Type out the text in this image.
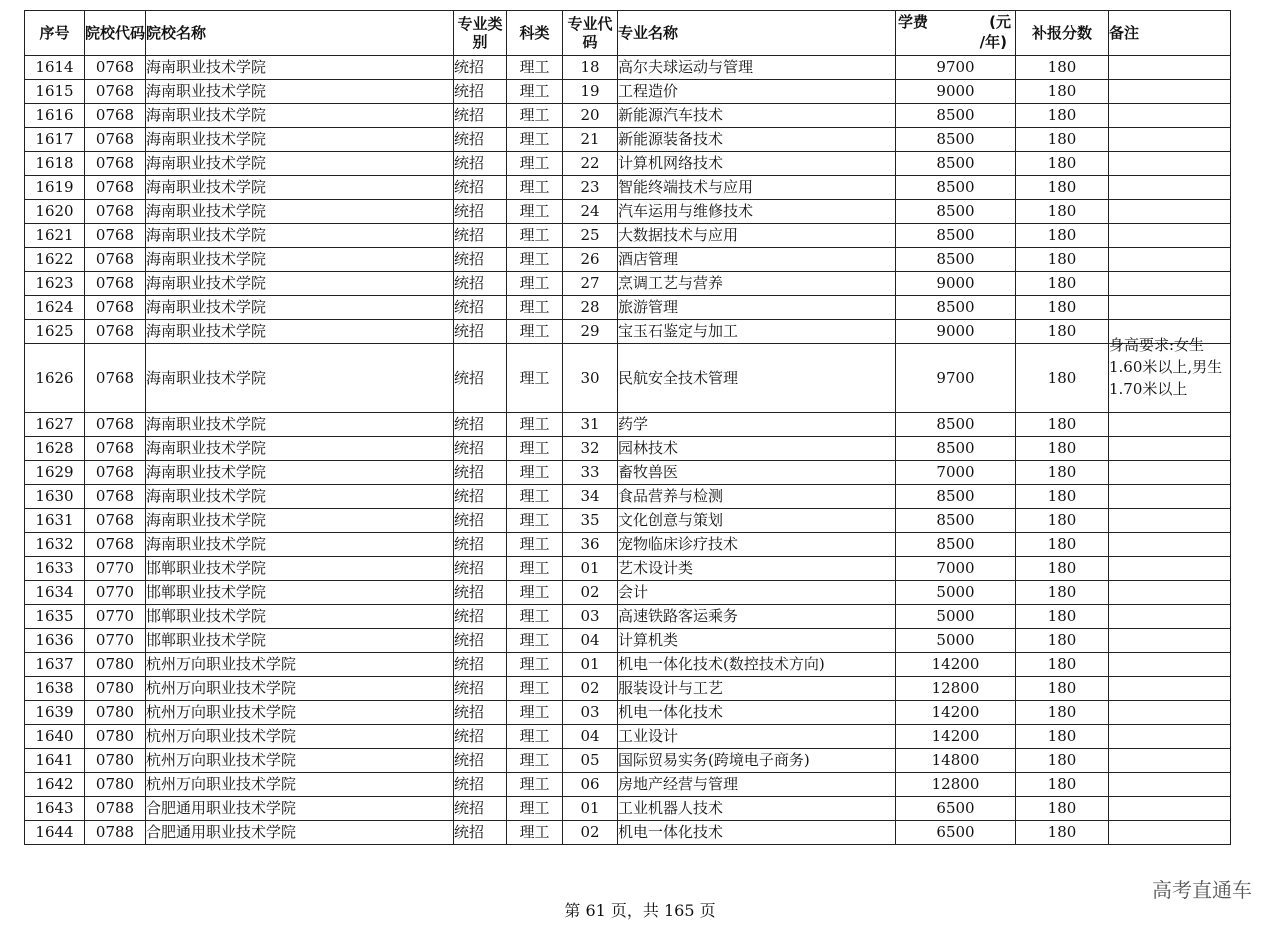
序号	院校代码	院校名称	专业类别	科类	专业代码	专业名称	学费 (元
/年)	补报分数	备注
1614	0768	海南职业技术学院	统招	理工	18	高尔夫球运动与管理	9700	180	
1615	0768	海南职业技术学院	统招	理工	19	工程造价	9000	180	
1616	0768	海南职业技术学院	统招	理工	20	新能源汽车技术	8500	180	
1617	0768	海南职业技术学院	统招	理工	21	新能源装备技术	8500	180	
1618	0768	海南职业技术学院	统招	理工	22	计算机网络技术	8500	180	
1619	0768	海南职业技术学院	统招	理工	23	智能终端技术与应用	8500	180	
1620	0768	海南职业技术学院	统招	理工	24	汽车运用与维修技术	8500	180	
1621	0768	海南职业技术学院	统招	理工	25	大数据技术与应用	8500	180	
1622	0768	海南职业技术学院	统招	理工	26	酒店管理	8500	180	
1623	0768	海南职业技术学院	统招	理工	27	烹调工艺与营养	9000	180	
1624	0768	海南职业技术学院	统招	理工	28	旅游管理	8500	180	
1625	0768	海南职业技术学院	统招	理工	29	宝玉石鉴定与加工	9000	180	
1626	0768	海南职业技术学院	统招	理工	30	民航安全技术管理	9700	180	身高要求:女生1.60米以上,男生1.70米以上

1627	0768	海南职业技术学院	统招	理工	31	药学	8500	180	
1628	0768	海南职业技术学院	统招	理工	32	园林技术	8500	180	
1629	0768	海南职业技术学院	统招	理工	33	畜牧兽医	7000	180	
1630	0768	海南职业技术学院	统招	理工	34	食品营养与检测	8500	180	
1631	0768	海南职业技术学院	统招	理工	35	文化创意与策划	8500	180	
1632	0768	海南职业技术学院	统招	理工	36	宠物临床诊疗技术	8500	180	
1633	0770	邯郸职业技术学院	统招	理工	01	艺术设计类	7000	180	
1634	0770	邯郸职业技术学院	统招	理工	02	会计	5000	180	
1635	0770	邯郸职业技术学院	统招	理工	03	高速铁路客运乘务	5000	180	
1636	0770	邯郸职业技术学院	统招	理工	04	计算机类	5000	180	
1637	0780	杭州万向职业技术学院	统招	理工	01	机电一体化技术(数控技术方向)	14200	180	
1638	0780	杭州万向职业技术学院	统招	理工	02	服装设计与工艺	12800	180	
1639	0780	杭州万向职业技术学院	统招	理工	03	机电一体化技术	14200	180	
1640	0780	杭州万向职业技术学院	统招	理工	04	工业设计	14200	180	
1641	0780	杭州万向职业技术学院	统招	理工	05	国际贸易实务(跨境电子商务)	14800	180	
1642	0780	杭州万向职业技术学院	统招	理工	06	房地产经营与管理	12800	180	
1643	0788	合肥通用职业技术学院	统招	理工	01	工业机器人技术	6500	180	
1644	0788	合肥通用职业技术学院	统招	理工	02	机电一体化技术	6500	180	
第 61 页，共 165 页
高考直通车
